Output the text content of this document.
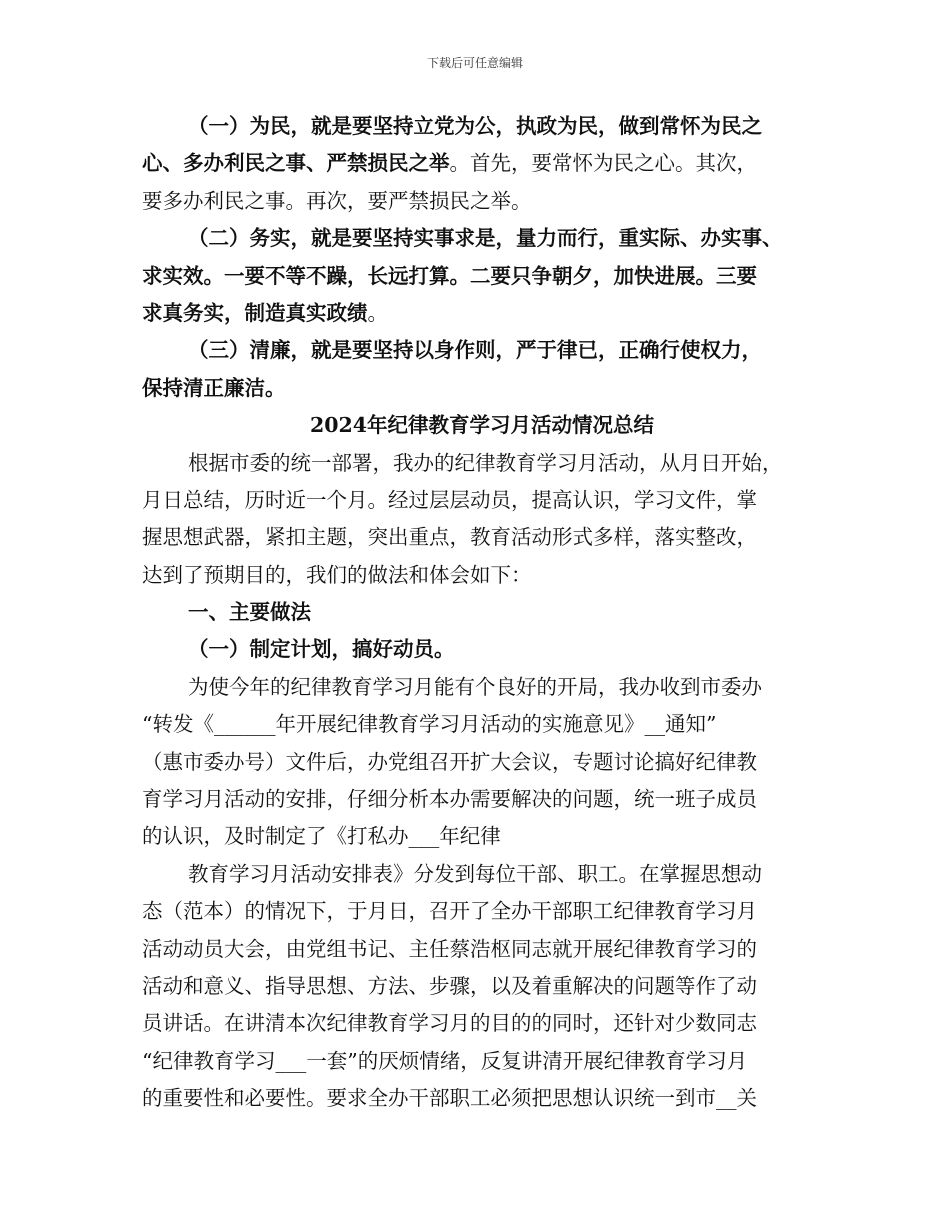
下载后可任意编辑
（一）为民，就是要坚持立党为公，执政为民，做到常怀为民之
心、多办利民之事、严禁损民之举。首先，要常怀为民之心。其次，
要多办利民之事。再次，要严禁损民之举。
（二）务实，就是要坚持实事求是，量力而行，重实际、办实事、
求实效。一要不等不躁，长远打算。二要只争朝夕，加快进展。三要
求真务实，制造真实政绩。
（三）清廉，就是要坚持以身作则，严于律已，正确行使权力，
保持清正廉洁。
2024年纪律教育学习月活动情况总结
根据市委的统一部署，我办的纪律教育学习月活动，从月日开始，
月日总结，历时近一个月。经过层层动员，提高认识，学习文件，掌
握思想武器，紧扣主题，突出重点，教育活动形式多样，落实整改，
达到了预期目的，我们的做法和体会如下：
一、主要做法
（一）制定计划，搞好动员。
为使今年的纪律教育学习月能有个良好的开局，我办收到市委办
“转发《______年开展纪律教育学习月活动的实施意见》__通知”
（惠市委办号）文件后，办党组召开扩大会议，专题讨论搞好纪律教
育学习月活动的安排，仔细分析本办需要解决的问题，统一班子成员
的认识，及时制定了《打私办___年纪律
教育学习月活动安排表》分发到每位干部、职工。在掌握思想动
态（范本）的情况下，于月日，召开了全办干部职工纪律教育学习月
活动动员大会，由党组书记、主任蔡浩枢同志就开展纪律教育学习的
活动和意义、指导思想、方法、步骤，以及着重解决的问题等作了动
员讲话。在讲清本次纪律教育学习月的目的的同时，还针对少数同志
“纪律教育学习___一套”的厌烦情绪，反复讲清开展纪律教育学习月
的重要性和必要性。要求全办干部职工必须把思想认识统一到市__关
